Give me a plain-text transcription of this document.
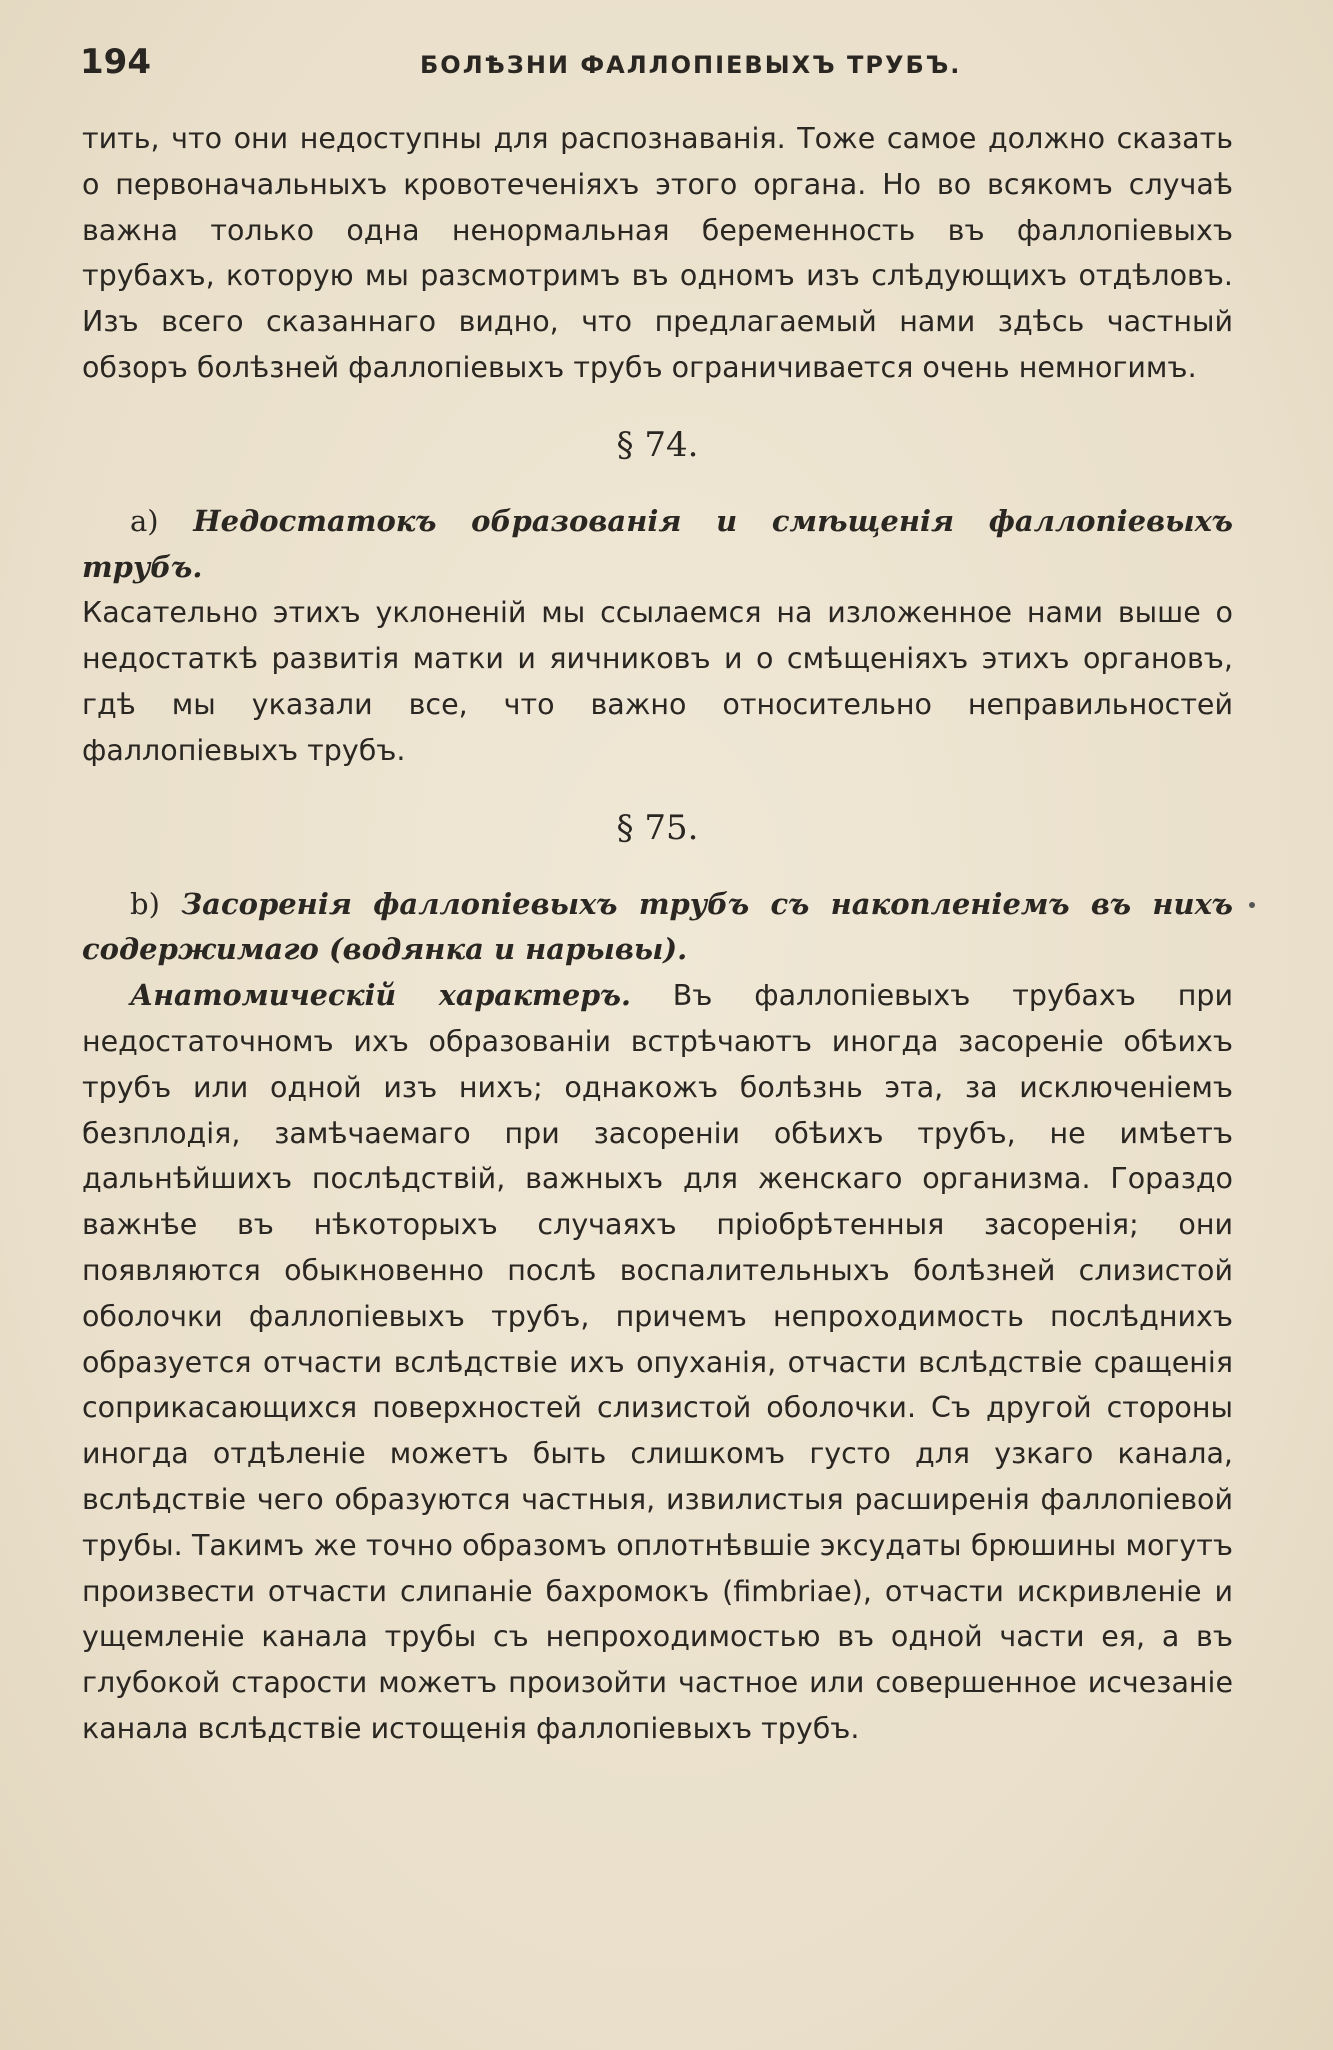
194	БОЛѢЗНИ ФАЛЛОПІЕВЫХЪ ТРУБЪ.

тить, что они недоступны для распознаванія. Тоже самое должно сказать о первоначальныхъ кровотеченіяхъ этого органа. Но во всякомъ случаѣ важна только одна ненормальная беременность въ фаллопіевыхъ трубахъ, которую мы разсмотримъ въ одномъ изъ слѣдующихъ отдѣловъ. Изъ всего сказаннаго видно, что предлагаемый нами здѣсь частный обзоръ болѣзней фаллопіевыхъ трубъ ограничивается очень немногимъ.

§ 74.

a) Недостатокъ образованія и смѣщенія фаллопіевыхъ трубъ.

Касательно этихъ уклоненій мы ссылаемся на изложенное нами выше о недостаткѣ развитія матки и яичниковъ и о смѣщеніяхъ этихъ органовъ, гдѣ мы указали все, что важно относительно неправильностей фаллопіевыхъ трубъ.

§ 75.

b) Засоренія фаллопіевыхъ трубъ съ накопленіемъ въ нихъ содержимаго (водянка и нарывы).

Анатомическій характеръ. Въ фаллопіевыхъ трубахъ при недостаточномъ ихъ образованіи встрѣчаютъ иногда засореніе обѣихъ трубъ или одной изъ нихъ; однакожъ болѣзнь эта, за исключеніемъ безплодія, замѣчаемаго при засореніи обѣихъ трубъ, не имѣетъ дальнѣйшихъ послѣдствій, важныхъ для женскаго организма. Гораздо важнѣе въ нѣкоторыхъ случаяхъ пріобрѣтенныя засоренія; они появляются обыкновенно послѣ воспалительныхъ болѣзней слизистой оболочки фаллопіевыхъ трубъ, причемъ непроходимость послѣднихъ образуется отчасти вслѣдствіе ихъ опуханія, отчасти вслѣдствіе сращенія соприкасающихся поверхностей слизистой оболочки. Съ другой стороны иногда отдѣленіе можетъ быть слишкомъ густо для узкаго канала, вслѣдствіе чего образуются частныя, извилистыя расширенія фаллопіевой трубы. Такимъ же точно образомъ оплотнѣвшіе эксудаты брюшины могутъ произвести отчасти слипаніе бахромокъ (fimbriae), отчасти искривленіе и ущемленіе канала трубы съ непроходимостью въ одной части ея, а въ глубокой старости можетъ произойти частное или совершенное исчезаніе канала вслѣдствіе истощенія фаллопіевыхъ трубъ.
